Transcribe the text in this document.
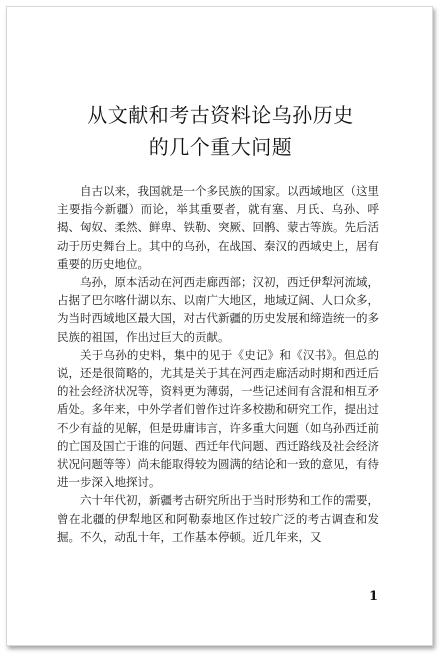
从文献和考古资料论乌孙历史
的几个重大问题

自古以来，我国就是一个多民族的国家。以西域地区（这里主要指今新疆）而论，举其重要者，就有塞、月氏、乌孙、呼揭、匈奴、柔然、鲜卑、铁勒、突厥、回鹘、蒙古等族。先后活动于历史舞台上。其中的乌孙，在战国、秦汉的西域史上，居有重要的历史地位。

乌孙，原本活动在河西走廊西部；汉初，西迁伊犁河流域，占据了巴尔喀什湖以东、以南广大地区，地域辽阔、人口众多，为当时西域地区最大国，对古代新疆的历史发展和缔造统一的多民族的祖国，作出过巨大的贡献。

关于乌孙的史料，集中的见于《史记》和《汉书》。但总的说，还是很简略的，尤其是关于其在河西走廊活动时期和西迁后的社会经济状况等，资料更为薄弱，一些记述间有含混和相互矛盾处。多年来，中外学者们曾作过许多校勘和研究工作，提出过不少有益的见解，但是毋庸讳言，许多重大问题（如乌孙西迁前的亡国及国亡于谁的问题、西迁年代问题、西迁路线及社会经济状况问题等等）尚未能取得较为圆满的结论和一致的意见，有待进一步深入地探讨。

六十年代初，新疆考古研究所出于当时形势和工作的需要，曾在北疆的伊犁地区和阿勒泰地区作过较广泛的考古调查和发掘。不久，动乱十年，工作基本停顿。近几年来，又

1
